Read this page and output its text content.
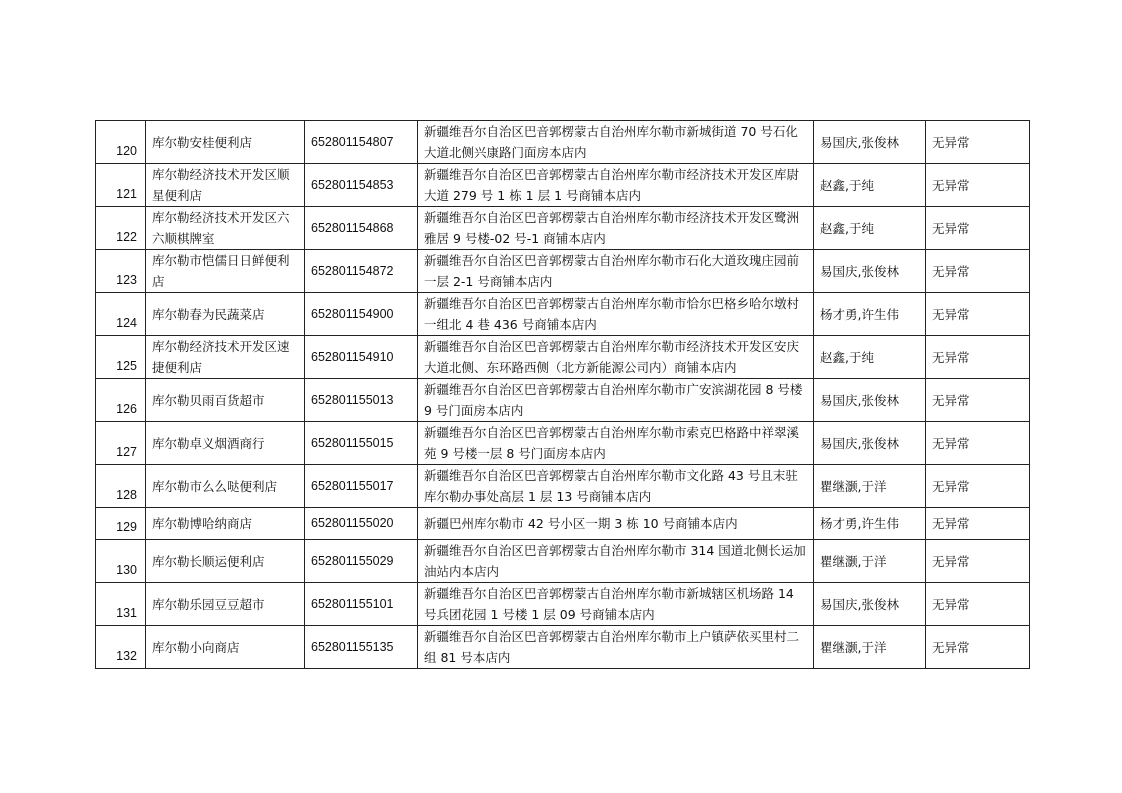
120	库尔勒安桂便利店	652801154807	新疆维吾尔自治区巴音郭楞蒙古自治州库尔勒市新城街道 70 号石化大道北侧兴康路门面房本店内	易国庆,张俊林	无异常
121	库尔勒经济技术开发区顺星便利店	652801154853	新疆维吾尔自治区巴音郭楞蒙古自治州库尔勒市经济技术开发区库尉大道 279 号 1 栋 1 层 1 号商铺本店内	赵鑫,于纯	无异常
122	库尔勒经济技术开发区六六顺棋牌室	652801154868	新疆维吾尔自治区巴音郭楞蒙古自治州库尔勒市经济技术开发区鹭洲雅居 9 号楼-02 号-1 商铺本店内	赵鑫,于纯	无异常
123	库尔勒市恺儒日日鲜便利店	652801154872	新疆维吾尔自治区巴音郭楞蒙古自治州库尔勒市石化大道玫瑰庄园前一层 2-1 号商铺本店内	易国庆,张俊林	无异常
124	库尔勒春为民蔬菜店	652801154900	新疆维吾尔自治区巴音郭楞蒙古自治州库尔勒市恰尔巴格乡哈尔墩村一组北 4 巷 436 号商铺本店内	杨才勇,许生伟	无异常
125	库尔勒经济技术开发区速捷便利店	652801154910	新疆维吾尔自治区巴音郭楞蒙古自治州库尔勒市经济技术开发区安庆大道北侧、东环路西侧（北方新能源公司内）商铺本店内	赵鑫,于纯	无异常
126	库尔勒贝雨百货超市	652801155013	新疆维吾尔自治区巴音郭楞蒙古自治州库尔勒市广安滨湖花园 8 号楼 9 号门面房本店内	易国庆,张俊林	无异常
127	库尔勒卓义烟酒商行	652801155015	新疆维吾尔自治区巴音郭楞蒙古自治州库尔勒市索克巴格路中祥翠溪苑 9 号楼一层 8 号门面房本店内	易国庆,张俊林	无异常
128	库尔勒市么么哒便利店	652801155017	新疆维吾尔自治区巴音郭楞蒙古自治州库尔勒市文化路 43 号且末驻库尔勒办事处高层 1 层 13 号商铺本店内	瞿继灏,于洋	无异常
129	库尔勒博哈纳商店	652801155020	新疆巴州库尔勒市 42 号小区一期 3 栋 10 号商铺本店内	杨才勇,许生伟	无异常
130	库尔勒长顺运便利店	652801155029	新疆维吾尔自治区巴音郭楞蒙古自治州库尔勒市 314 国道北侧长运加油站内本店内	瞿继灏,于洋	无异常
131	库尔勒乐园豆豆超市	652801155101	新疆维吾尔自治区巴音郭楞蒙古自治州库尔勒市新城辖区机场路 14 号兵团花园 1 号楼 1 层 09 号商铺本店内	易国庆,张俊林	无异常
132	库尔勒小向商店	652801155135	新疆维吾尔自治区巴音郭楞蒙古自治州库尔勒市上户镇萨依买里村二组 81 号本店内	瞿继灏,于洋	无异常
